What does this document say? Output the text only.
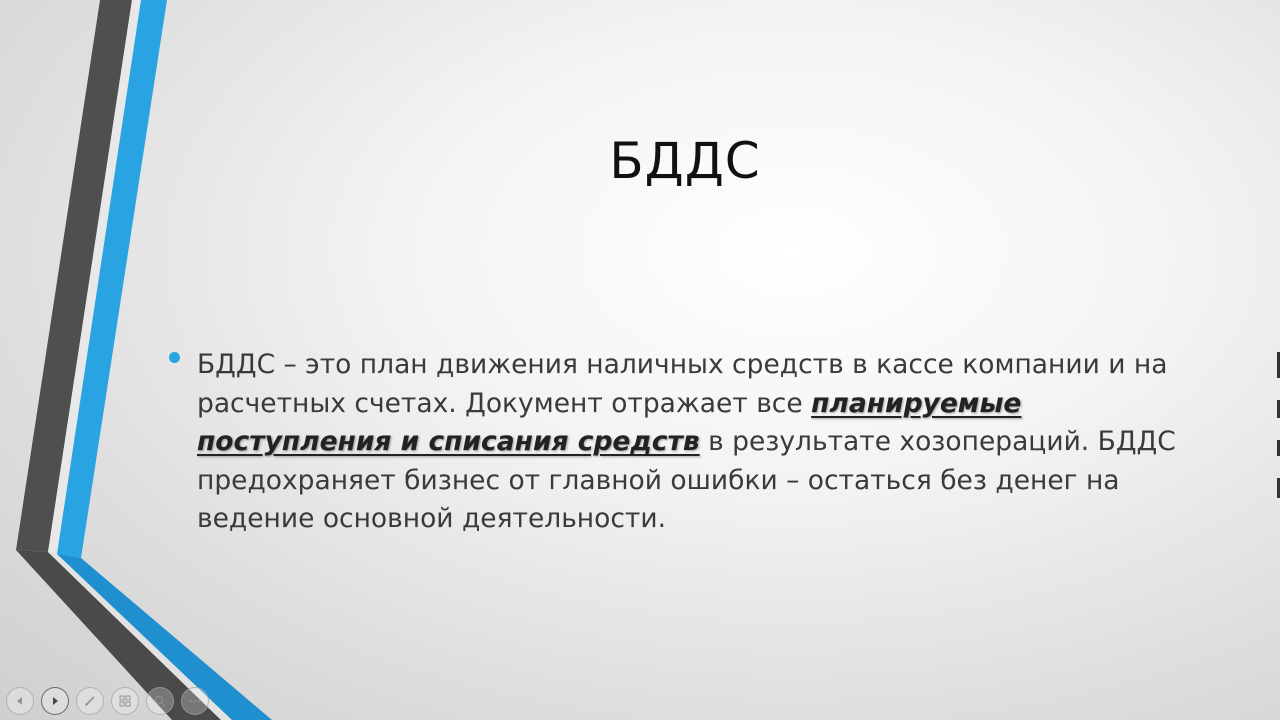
БДДС
БДДС – это план движения наличных средств в кассе компании и на расчетных счетах. Документ отражает все планируемые поступления и списания средств в результате хозопераций. БДДС предохраняет бизнес от главной ошибки – остаться без денег на ведение основной деятельности.
